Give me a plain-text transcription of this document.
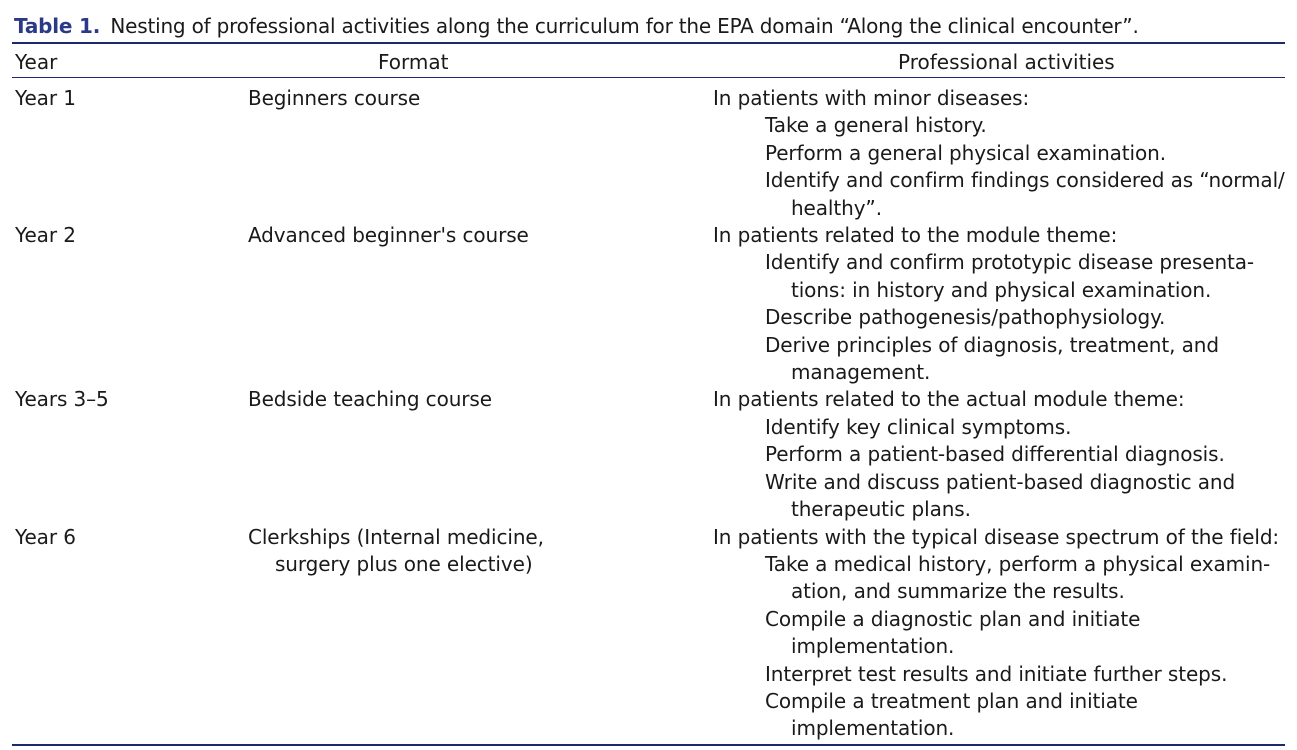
Table 1. Nesting of professional activities along the curriculum for the EPA domain “Along the clinical encounter”.
Year	Format	Professional activities
Year 1	Beginners course	In patients with minor diseases:
Take a general history.
Perform a general physical examination.
Identify and confirm findings considered as “normal/ healthy”.

Year 2	Advanced beginner's course	In patients related to the module theme:
Identify and confirm prototypic disease presenta- tions: in history and physical examination.
Describe pathogenesis/pathophysiology.
Derive principles of diagnosis, treatment, and management.

Years 3–5	Bedside teaching course	In patients related to the actual module theme:
Identify key clinical symptoms.
Perform a patient-based differential diagnosis.
Write and discuss patient-based diagnostic and therapeutic plans.

Year 6	Clerkships (Internal medicine,
surgery plus one elective)	In patients with the typical disease spectrum of the field:
Take a medical history, perform a physical examin- ation, and summarize the results.
Compile a diagnostic plan and initiate implementation.
Interpret test results and initiate further steps.
Compile a treatment plan and initiate implementation.
